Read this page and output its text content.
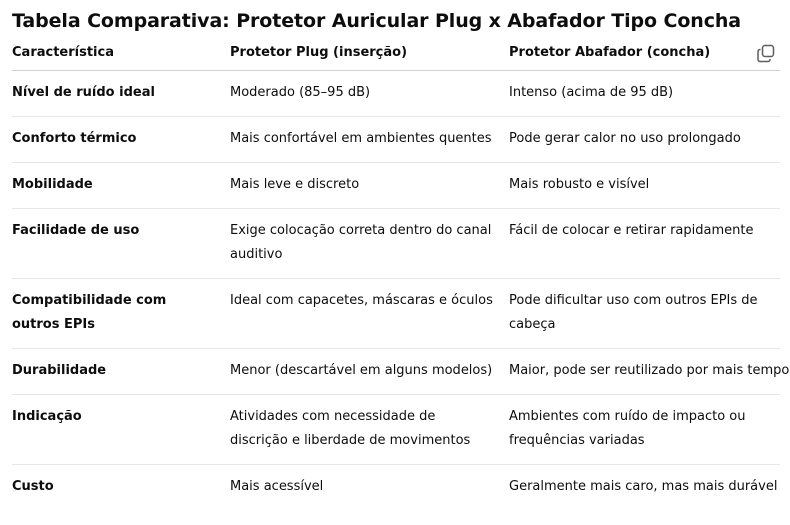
Tabela Comparativa: Protetor Auricular Plug x Abafador Tipo Concha
Característica	Protetor Plug (inserção)	Protetor Abafador (concha)
Nível de ruído ideal	Moderado (85–95 dB)	Intenso (acima de 95 dB)
Conforto térmico	Mais confortável em ambientes quentes	Pode gerar calor no uso prolongado
Mobilidade	Mais leve e discreto	Mais robusto e visível
Facilidade de uso	Exige colocação correta dentro do canal auditivo	Fácil de colocar e retirar rapidamente
Compatibilidade com outros EPIs	Ideal com capacetes, máscaras e óculos	Pode dificultar uso com outros EPIs de cabeça
Durabilidade	Menor (descartável em alguns modelos)	Maior, pode ser reutilizado por mais tempo
Indicação	Atividades com necessidade de discrição e liberdade de movimentos	Ambientes com ruído de impacto ou frequências variadas
Custo	Mais acessível	Geralmente mais caro, mas mais durável
